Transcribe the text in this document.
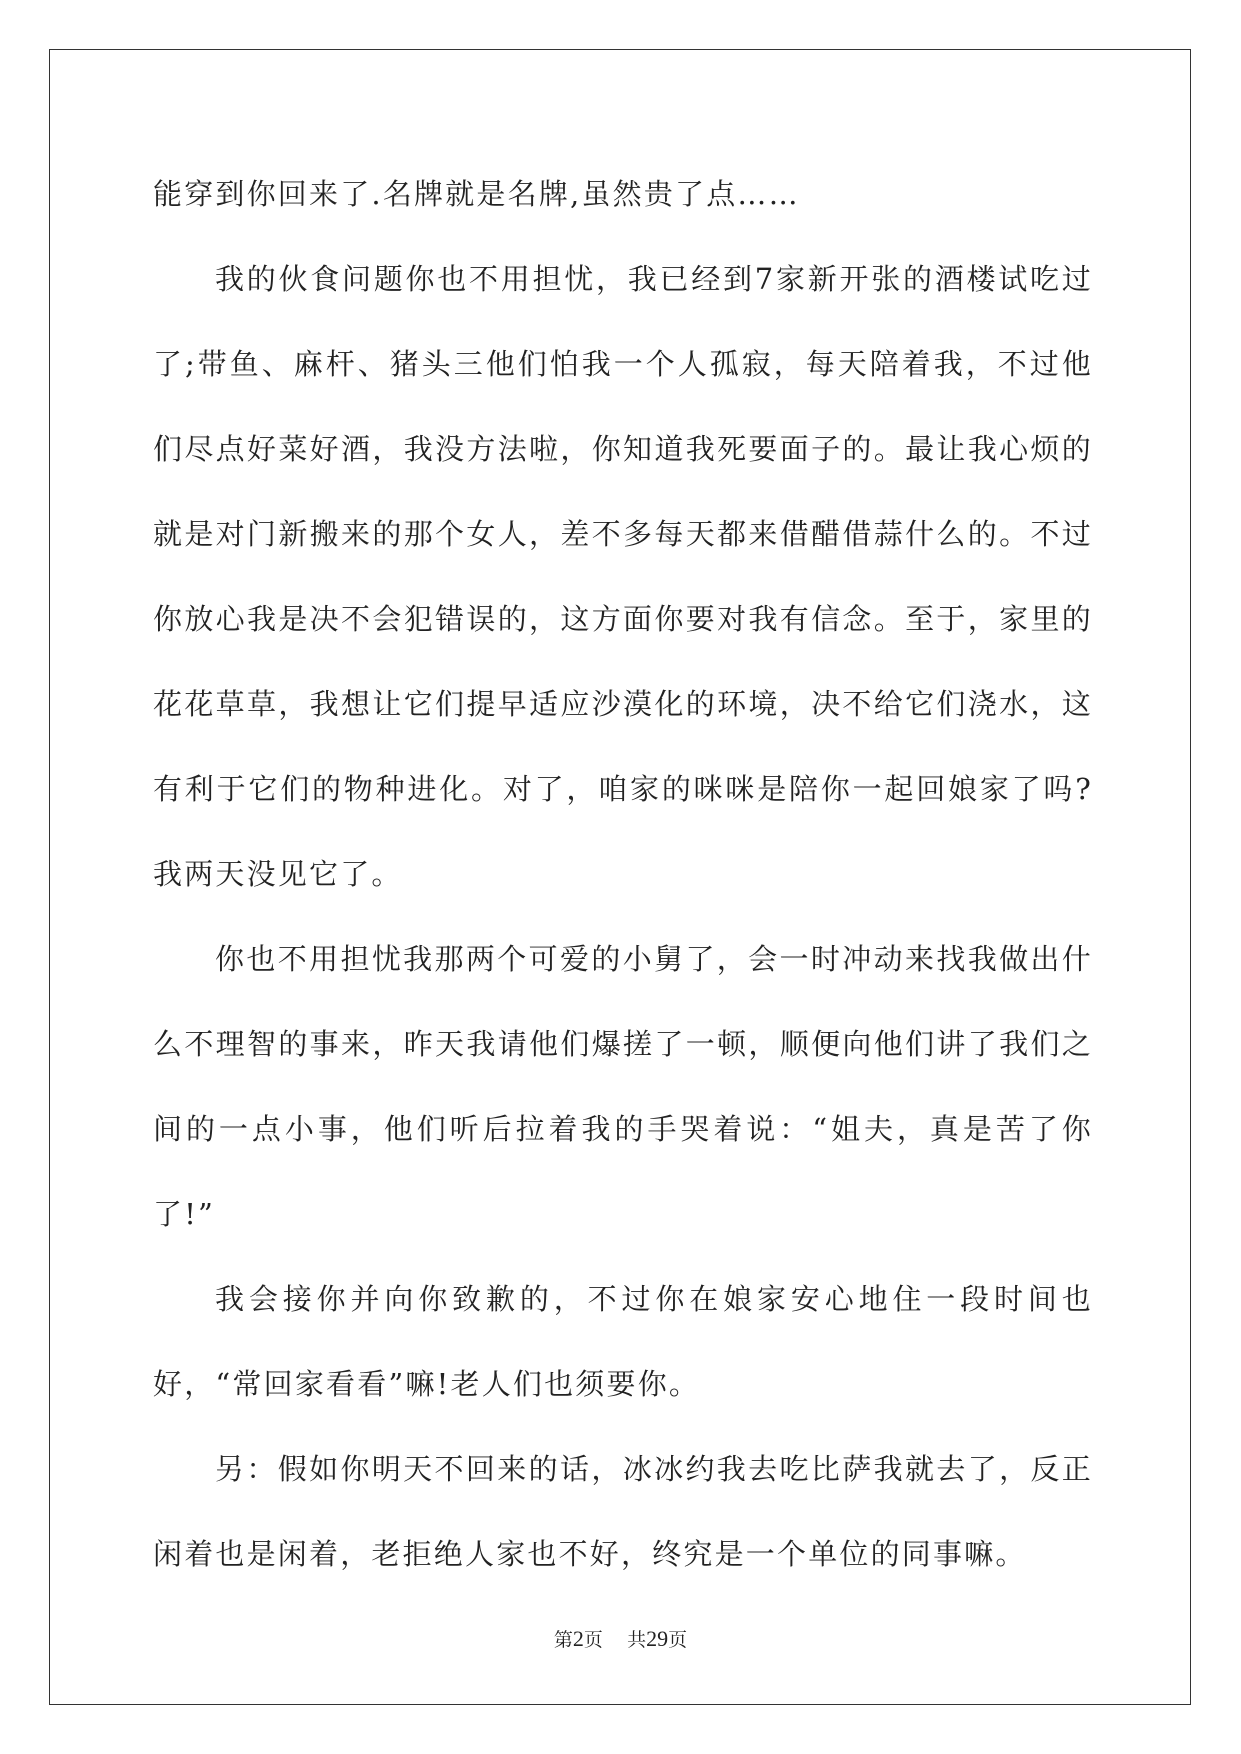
能穿到你回来了.名牌就是名牌,虽然贵了点……

我的伙食问题你也不用担忧，我已经到7家新开张的酒楼试吃过了;带鱼、麻杆、猪头三他们怕我一个人孤寂，每天陪着我，不过他们尽点好菜好酒，我没方法啦，你知道我死要面子的。最让我心烦的就是对门新搬来的那个女人，差不多每天都来借醋借蒜什么的。不过你放心我是决不会犯错误的，这方面你要对我有信念。至于，家里的花花草草，我想让它们提早适应沙漠化的环境，决不给它们浇水，这有利于它们的物种进化。对了，咱家的咪咪是陪你一起回娘家了吗?我两天没见它了。

你也不用担忧我那两个可爱的小舅了，会一时冲动来找我做出什么不理智的事来，昨天我请他们爆搓了一顿，顺便向他们讲了我们之间的一点小事，他们听后拉着我的手哭着说：“姐夫，真是苦了你了!”

我会接你并向你致歉的，不过你在娘家安心地住一段时间也好，“常回家看看”嘛!老人们也须要你。

另：假如你明天不回来的话，冰冰约我去吃比萨我就去了，反正闲着也是闲着，老拒绝人家也不好，终究是一个单位的同事嘛。

第2页 共29页
